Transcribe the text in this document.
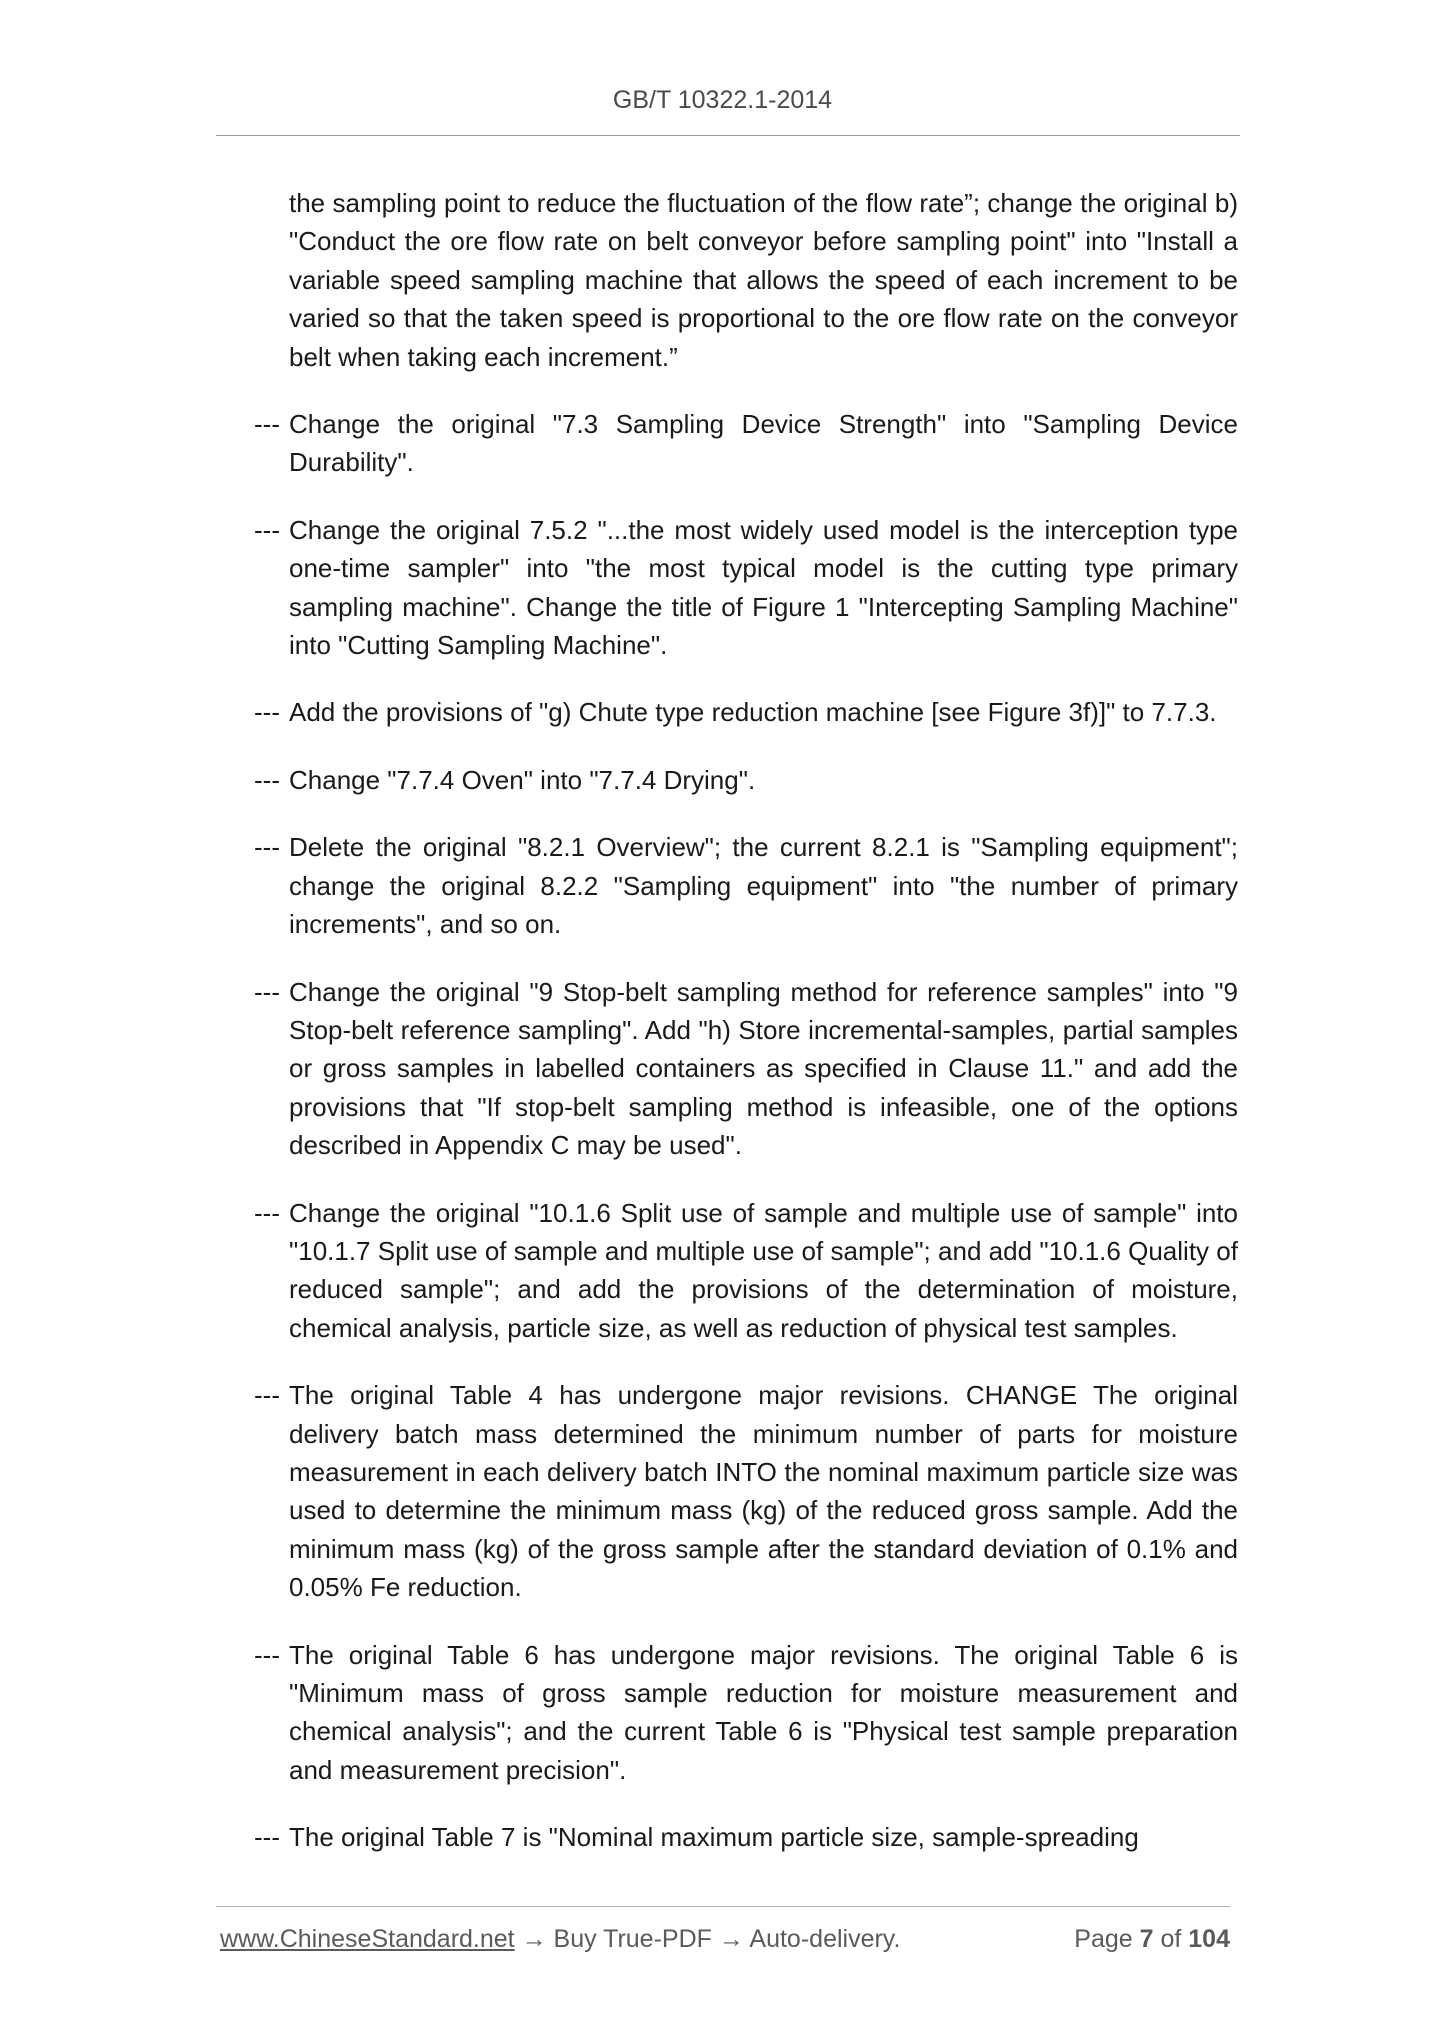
GB/T 10322.1-2014

the sampling point to reduce the fluctuation of the flow rate”; change the original b) "Conduct the ore flow rate on belt conveyor before sampling point" into "Install a variable speed sampling machine that allows the speed of each increment to be varied so that the taken speed is proportional to the ore flow rate on the conveyor belt when taking each increment.”

--- Change the original "7.3 Sampling Device Strength" into "Sampling Device Durability".
--- Change the original 7.5.2 "...the most widely used model is the interception type one-time sampler" into "the most typical model is the cutting type primary sampling machine". Change the title of Figure 1 "Intercepting Sampling Machine" into "Cutting Sampling Machine".
--- Add the provisions of "g) Chute type reduction machine [see Figure 3f)]" to 7.7.3.
--- Change "7.7.4 Oven" into "7.7.4 Drying".
--- Delete the original "8.2.1 Overview"; the current 8.2.1 is "Sampling equipment"; change the original 8.2.2 "Sampling equipment" into "the number of primary increments", and so on.
--- Change the original "9 Stop-belt sampling method for reference samples" into "9 Stop-belt reference sampling". Add "h) Store incremental-samples, partial samples or gross samples in labelled containers as specified in Clause 11." and add the provisions that "If stop-belt sampling method is infeasible, one of the options described in Appendix C may be used".
--- Change the original "10.1.6 Split use of sample and multiple use of sample" into "10.1.7 Split use of sample and multiple use of sample"; and add "10.1.6 Quality of reduced sample"; and add the provisions of the determination of moisture, chemical analysis, particle size, as well as reduction of physical test samples.
--- The original Table 4 has undergone major revisions. CHANGE The original delivery batch mass determined the minimum number of parts for moisture measurement in each delivery batch INTO the nominal maximum particle size was used to determine the minimum mass (kg) of the reduced gross sample. Add the minimum mass (kg) of the gross sample after the standard deviation of 0.1% and 0.05% Fe reduction.
--- The original Table 6 has undergone major revisions. The original Table 6 is "Minimum mass of gross sample reduction for moisture measurement and chemical analysis"; and the current Table 6 is "Physical test sample preparation and measurement precision".
--- The original Table 7 is "Nominal maximum particle size, sample-spreading
www.ChineseStandard.net → Buy True-PDF → Auto-delivery.	Page 7 of 104
